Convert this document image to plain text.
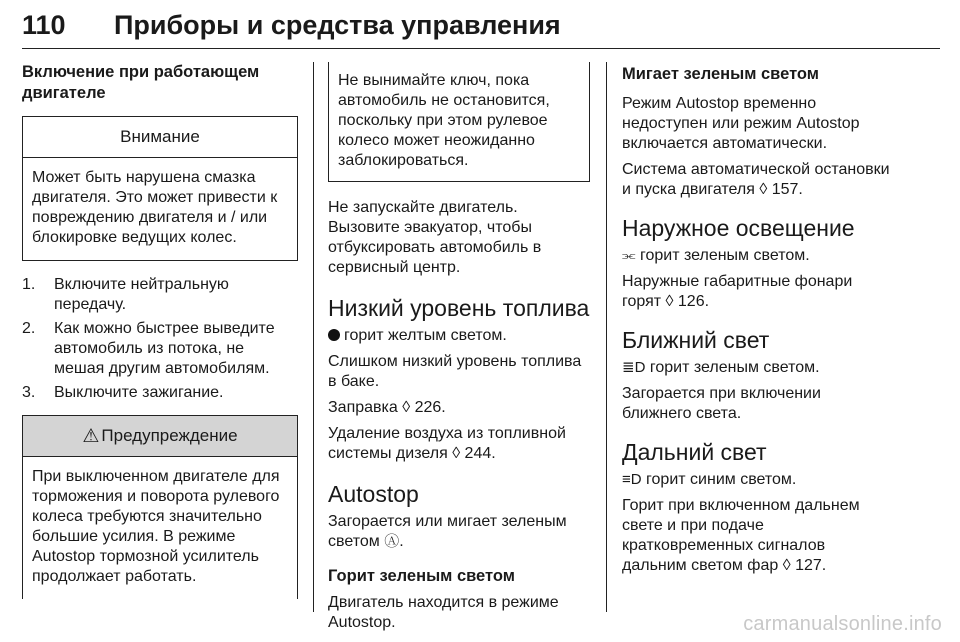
110 Приборы и средства управления
Включение при работающем
двигателе
Внимание
Может быть нарушена смазка двигателя. Это может привести к повреждению двигателя и / или блокировке ведущих колес.
1. Включите нейтральную передачу.
2. Как можно быстрее выведите автомобиль из потока, не мешая другим автомобилям.
3. Выключите зажигание.
⚠ Предупреждение
При выключенном двигателе для торможения и поворота рулевого колеса требуются значительно большие усилия. В режиме Autostop тормозной усилитель продолжает работать.
Не вынимайте ключ, пока автомобиль не остановится, поскольку при этом рулевое колесо может неожиданно заблокироваться.

Не запускайте двигатель. Вызовите эвакуатор, чтобы отбуксировать автомобиль в сервисный центр.

Низкий уровень топлива

горит желтым светом.

Слишком низкий уровень топлива в баке.

Заправка ◊ 226.

Удаление воздуха из топливной системы дизеля ◊ 244.

Autostop

Загорается или мигает зеленым светом Ⓐ.

Горит зеленым светом

Двигатель находится в режиме Autostop.

Мигает зеленым светом

Режим Autostop временно недоступен или режим Autostop включается автоматически.

Система автоматической остановки и пуска двигателя ◊ 157.

Наружное освещение

⫘ горит зеленым светом.

Наружные габаритные фонари горят ◊ 126.

Ближний свет

≣D горит зеленым светом.

Загорается при включении ближнего света.

Дальний свет

≡D горит синим светом.

Горит при включенном дальнем свете и при подаче кратковременных сигналов дальним светом фар ◊ 127.

carmanualsonline.info
